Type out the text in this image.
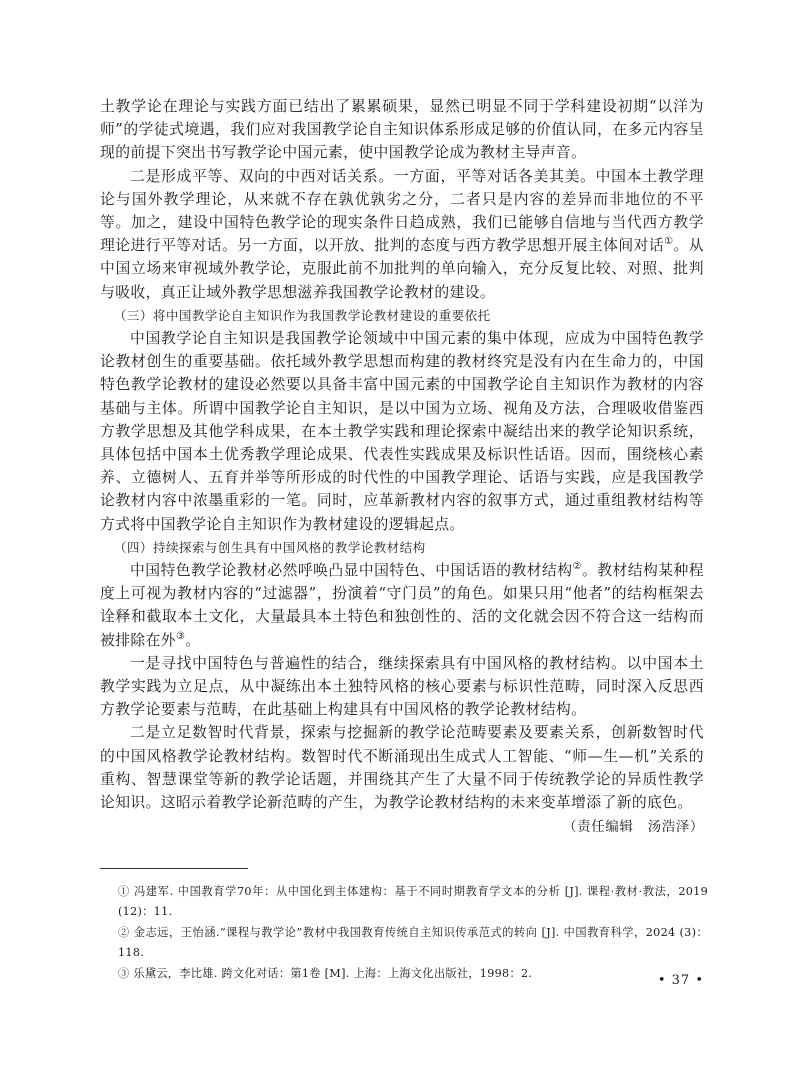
土教学论在理论与实践方面已结出了累累硕果，显然已明显不同于学科建设初期“以洋为师”的学徒式境遇，我们应对我国教学论自主知识体系形成足够的价值认同，在多元内容呈现的前提下突出书写教学论中国元素，使中国教学论成为教材主导声音。

二是形成平等、双向的中西对话关系。一方面，平等对话各美其美。中国本土教学理论与国外教学理论，从来就不存在孰优孰劣之分，二者只是内容的差异而非地位的不平等。加之，建设中国特色教学论的现实条件日趋成熟，我们已能够自信地与当代西方教学理论进行平等对话。另一方面，以开放、批判的态度与西方教学思想开展主体间对话①。从中国立场来审视域外教学论，克服此前不加批判的单向输入，充分反复比较、对照、批判与吸收，真正让域外教学思想滋养我国教学论教材的建设。

（三）将中国教学论自主知识作为我国教学论教材建设的重要依托

中国教学论自主知识是我国教学论领域中中国元素的集中体现，应成为中国特色教学论教材创生的重要基础。依托域外教学思想而构建的教材终究是没有内在生命力的，中国特色教学论教材的建设必然要以具备丰富中国元素的中国教学论自主知识作为教材的内容基础与主体。所谓中国教学论自主知识，是以中国为立场、视角及方法，合理吸收借鉴西方教学思想及其他学科成果，在本土教学实践和理论探索中凝结出来的教学论知识系统，具体包括中国本土优秀教学理论成果、代表性实践成果及标识性话语。因而，围绕核心素养、立德树人、五育并举等所形成的时代性的中国教学理论、话语与实践，应是我国教学论教材内容中浓墨重彩的一笔。同时，应革新教材内容的叙事方式，通过重组教材结构等方式将中国教学论自主知识作为教材建设的逻辑起点。

（四）持续探索与创生具有中国风格的教学论教材结构

中国特色教学论教材必然呼唤凸显中国特色、中国话语的教材结构②。教材结构某种程度上可视为教材内容的“过滤器”，扮演着“守门员”的角色。如果只用“他者”的结构框架去诠释和截取本土文化，大量最具本土特色和独创性的、活的文化就会因不符合这一结构而被排除在外③。

一是寻找中国特色与普遍性的结合，继续探索具有中国风格的教材结构。以中国本土教学实践为立足点，从中凝练出本土独特风格的核心要素与标识性范畴，同时深入反思西方教学论要素与范畴，在此基础上构建具有中国风格的教学论教材结构。

二是立足数智时代背景，探索与挖掘新的教学论范畴要素及要素关系，创新数智时代的中国风格教学论教材结构。数智时代不断涌现出生成式人工智能、“师—生—机”关系的重构、智慧课堂等新的教学论话题，并围绕其产生了大量不同于传统教学论的异质性教学论知识。这昭示着教学论新范畴的产生，为教学论教材结构的未来变革增添了新的底色。

（责任编辑　汤浩泽）

① 冯建军. 中国教育学70年：从中国化到主体建构：基于不同时期教育学文本的分析 [J]. 课程·教材·教法，2019 (12)：11.

② 金志远，王怡涵.“课程与教学论”教材中我国教育传统自主知识传承范式的转向 [J]. 中国教育科学，2024 (3)：118.

③ 乐黛云，李比雄. 跨文化对话：第1卷 [M]. 上海：上海文化出版社，1998：2.	• 37 •
